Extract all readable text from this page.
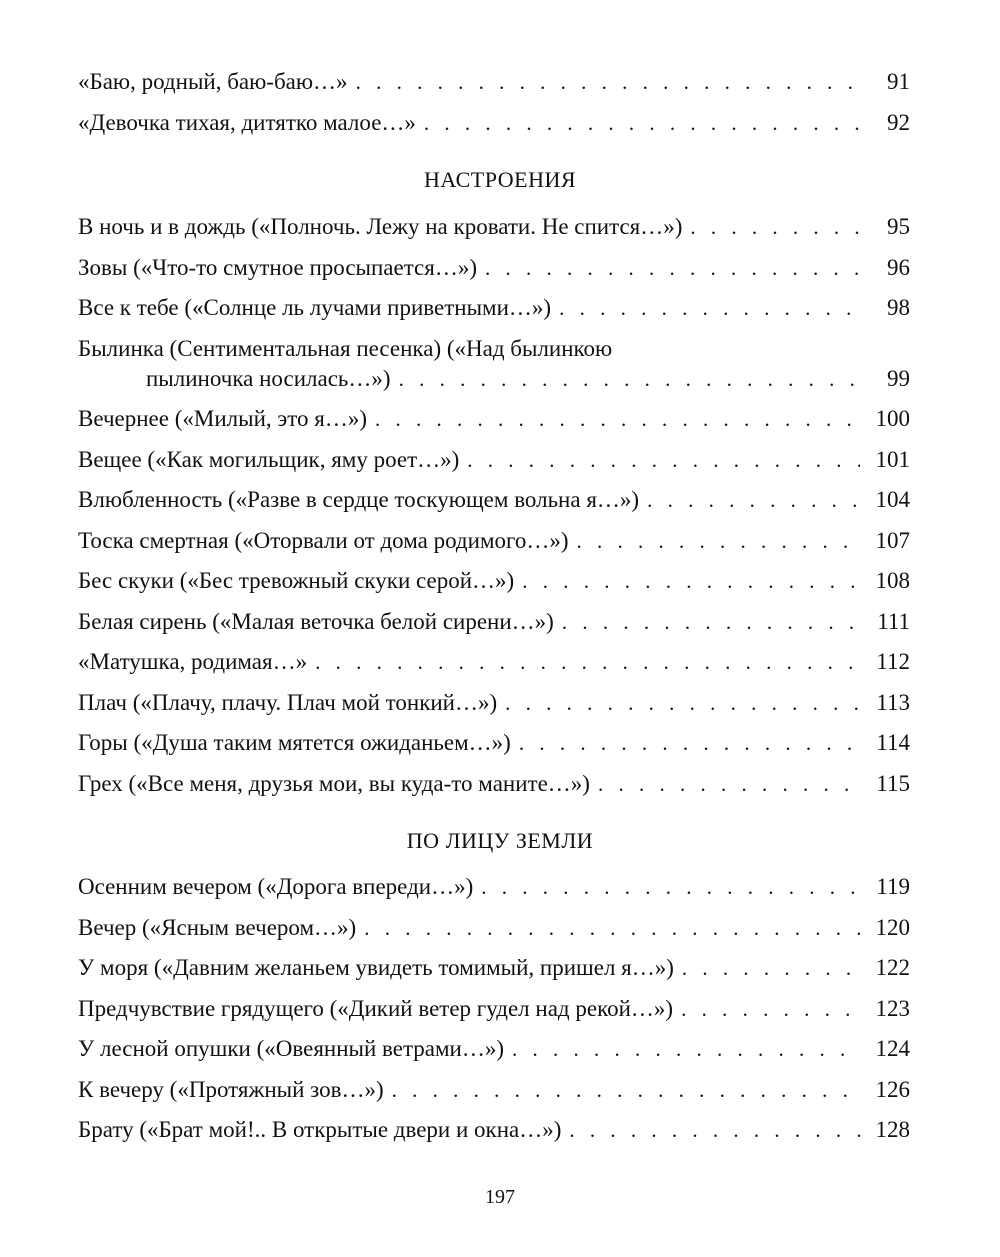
«Баю, родный, баю-баю…» . . .	91
«Девочка тихая, дитятко малое…» . . .	92
НАСТРОЕНИЯ
В ночь и в дождь («Полночь. Лежу на кровати. Не спится…») . . .	95
Зовы («Что-то смутное просыпается…») . . .	96
Все к тебе («Солнце ль лучами приветными…») . . .	98
Былинка (Сентиментальная песенка) («Над былинкою
пылиночка носилась…») . . .	99
Вечернее («Милый, это я…») . . .	100
Вещее («Как могильщик, яму роет…») . . .	101
Влюбленность («Разве в сердце тоскующем вольна я…») . . .	104
Тоска смертная («Оторвали от дома родимого…») . . .	107
Бес скуки («Бес тревожный скуки серой…») . . .	108
Белая сирень («Малая веточка белой сирени…») . . .	111
«Матушка, родимая…» . . .	112
Плач («Плачу, плачу. Плач мой тонкий…») . . .	113
Горы («Душа таким мятется ожиданьем…») . . .	114
Грех («Все меня, друзья мои, вы куда-то маните…») . . .	115
ПО ЛИЦУ ЗЕМЛИ
Осенним вечером («Дорога впереди…») . . .	119
Вечер («Ясным вечером…») . . .	120
У моря («Давним желаньем увидеть томимый, пришел я…») . . .	122
Предчувствие грядущего («Дикий ветер гудел над рекой…») . . .	123
У лесной опушки («Овеянный ветрами…») . . .	124
К вечеру («Протяжный зов…») . . .	126
Брату («Брат мой!.. В открытые двери и окна…») . . .	128
197
